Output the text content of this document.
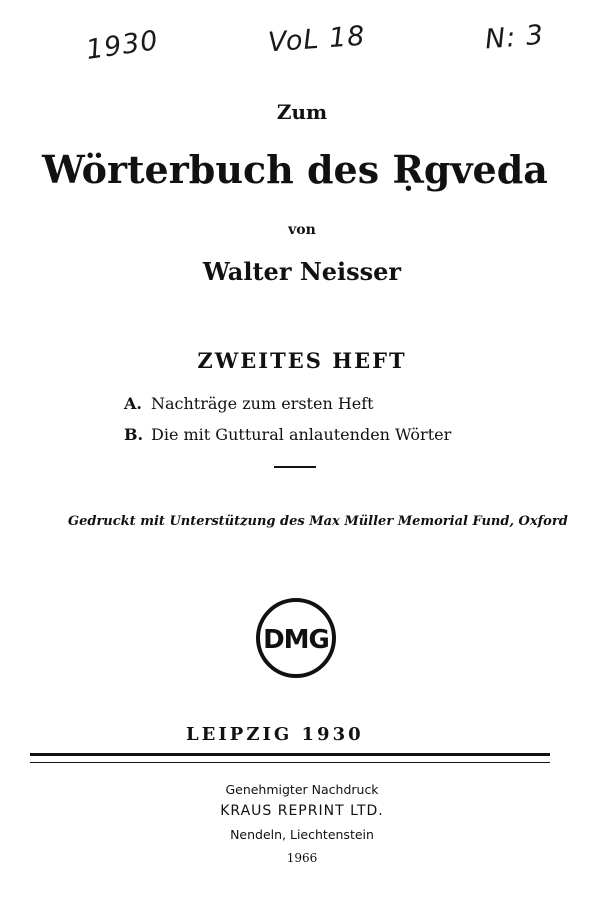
1930	VoL 18	N: 3
Zum
Wörterbuch des Ṛgveda
von
Walter Neisser
ZWEITES HEFT
A. Nachträge zum ersten Heft
B. Die mit Guttural anlautenden Wörter
Gedruckt mit Unterstützung des Max Müller Memorial Fund, Oxford
DMG
LEIPZIG 1930
Genehmigter Nachdruck
KRAUS REPRINT LTD.
Nendeln, Liechtenstein
1966
